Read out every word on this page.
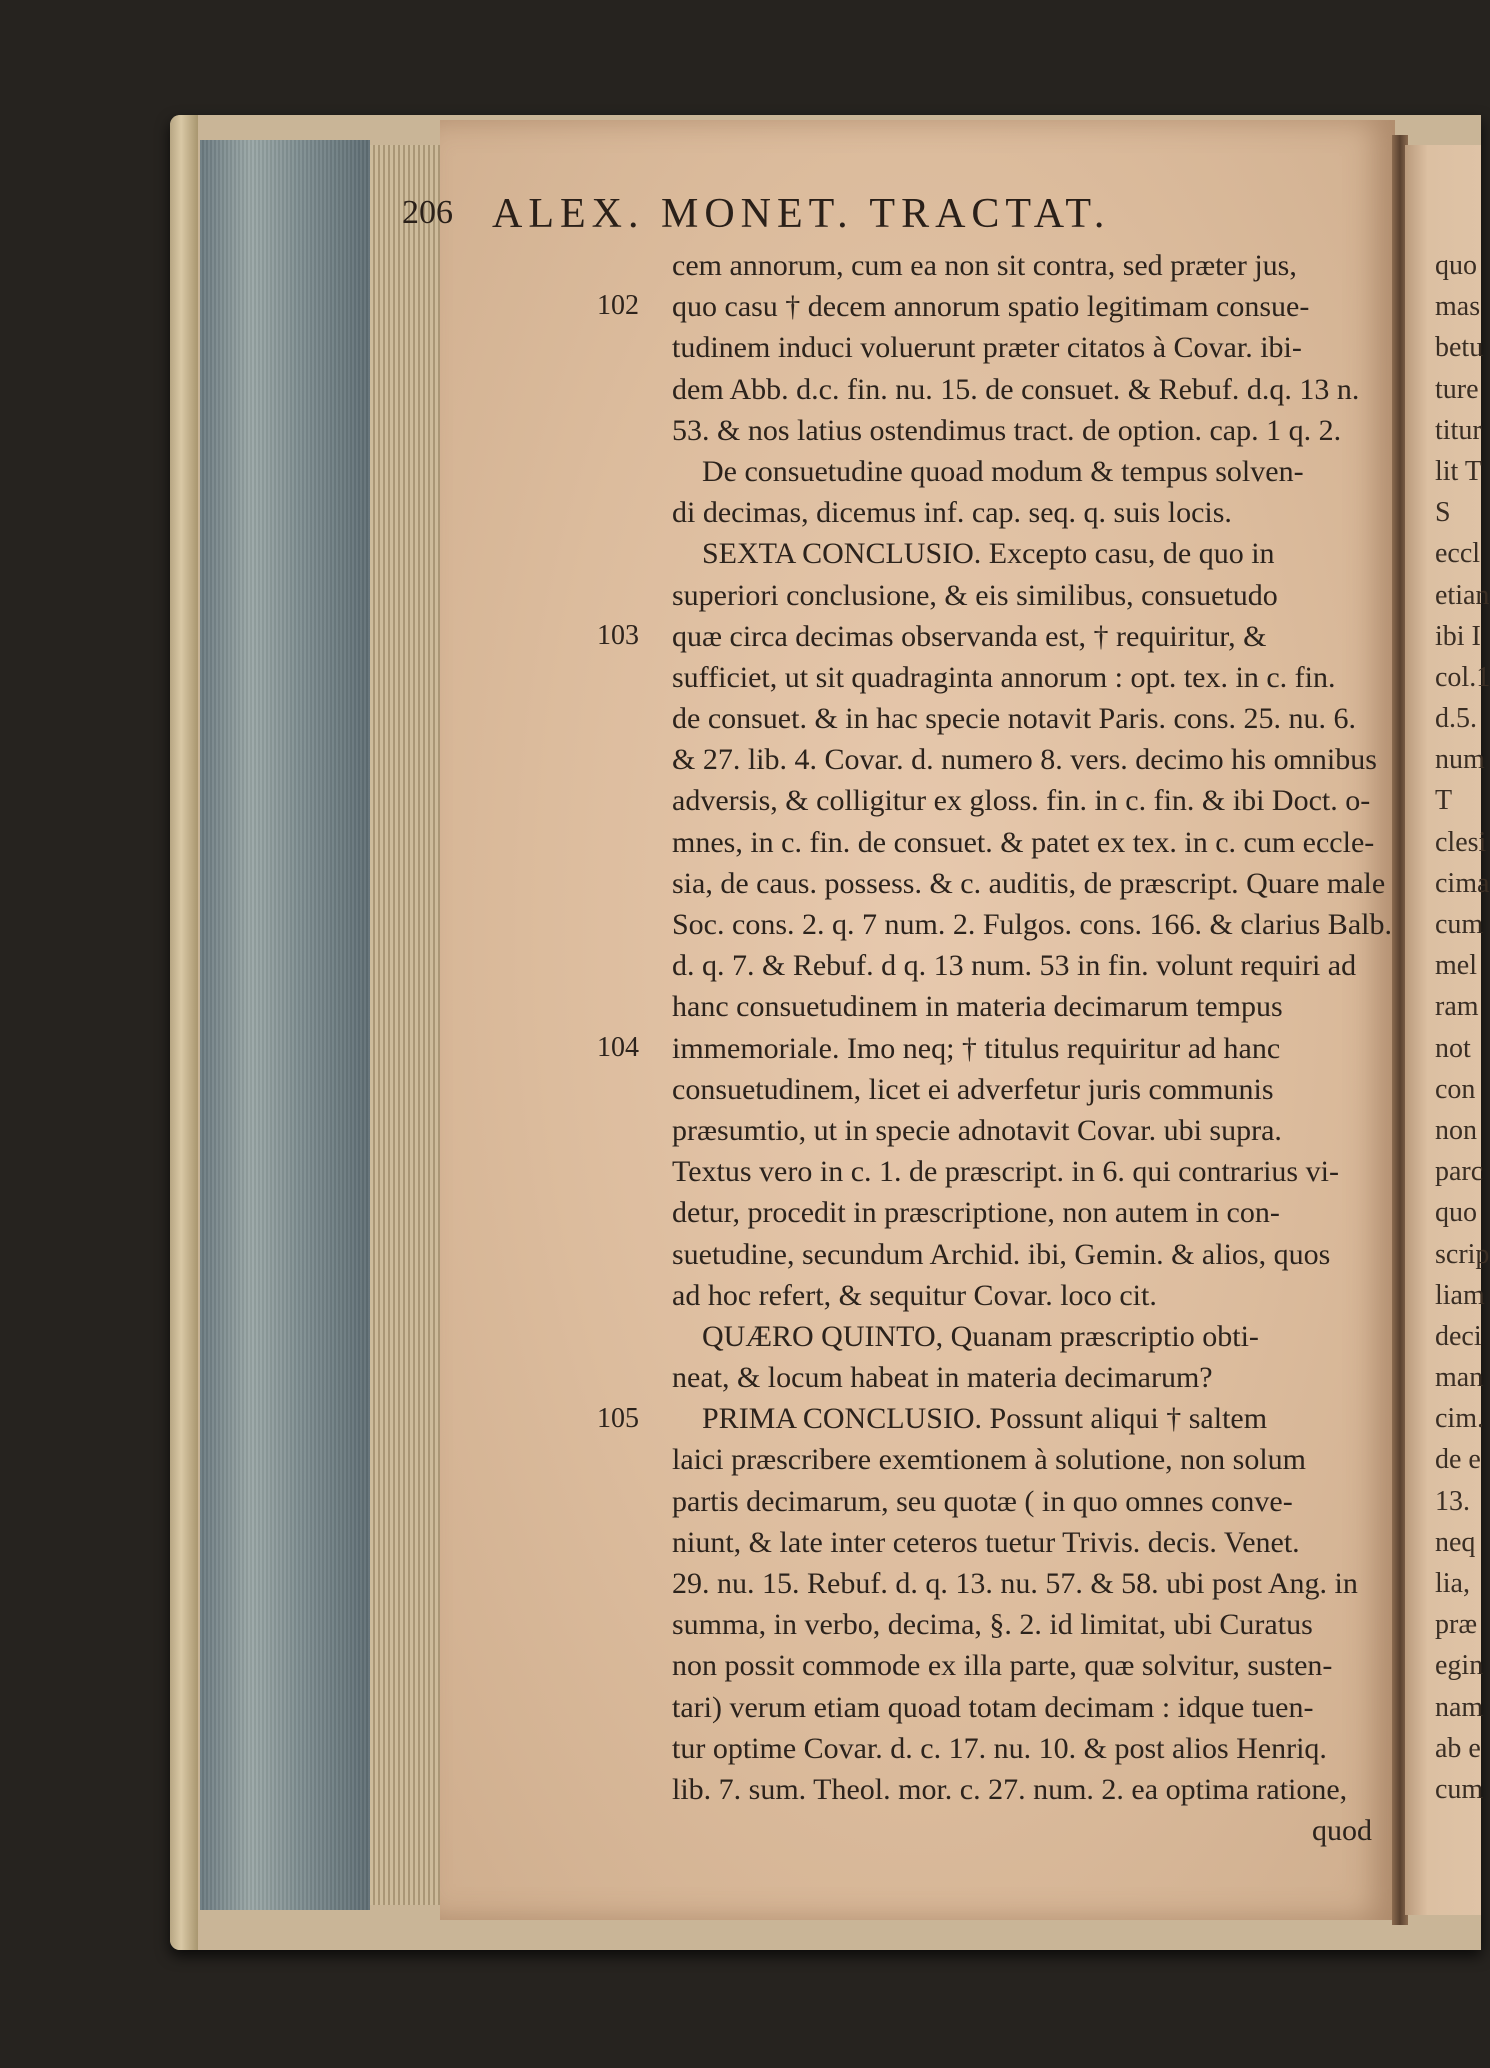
206 ALEX. MONET. TRACTAT.
102
103
104
105
cem annorum, cum ea non sit contra, sed præter jus,
quo casu † decem annorum spatio legitimam consue-
tudinem induci voluerunt præter citatos à Covar. ibi-
dem Abb. d.c. fin. nu. 15. de consuet. & Rebuf. d.q. 13 n.
53. & nos latius ostendimus tract. de option. cap. 1 q. 2.
De consuetudine quoad modum & tempus solven-
di decimas, dicemus inf. cap. seq. q. suis locis.
SEXTA CONCLUSIO. Excepto casu, de quo in
superiori conclusione, & eis similibus, consuetudo
quæ circa decimas observanda est, † requiritur, &
sufficiet, ut sit quadraginta annorum : opt. tex. in c. fin.
de consuet. & in hac specie notavit Paris. cons. 25. nu. 6.
& 27. lib. 4. Covar. d. numero 8. vers. decimo his omnibus
adversis, & colligitur ex gloss. fin. in c. fin. & ibi Doct. o-
mnes, in c. fin. de consuet. & patet ex tex. in c. cum eccle-
sia, de caus. possess. & c. auditis, de præscript. Quare male
Soc. cons. 2. q. 7 num. 2. Fulgos. cons. 166. & clarius Balb.
d. q. 7. & Rebuf. d q. 13 num. 53 in fin. volunt requiri ad
hanc consuetudinem in materia decimarum tempus
immemoriale. Imo neq; † titulus requiritur ad hanc
consuetudinem, licet ei adverfetur juris communis
præsumtio, ut in specie adnotavit Covar. ubi supra.
Textus vero in c. 1. de præscript. in 6. qui contrarius vi-
detur, procedit in præscriptione, non autem in con-
suetudine, secundum Archid. ibi, Gemin. & alios, quos
ad hoc refert, & sequitur Covar. loco cit.
QUÆRO QUINTO, Quanam præscriptio obti-
neat, & locum habeat in materia decimarum?
PRIMA CONCLUSIO. Possunt aliqui † saltem
laici præscribere exemtionem à solutione, non solum
partis decimarum, seu quotæ ( in quo omnes conve-
niunt, & late inter ceteros tuetur Trivis. decis. Venet.
29. nu. 15. Rebuf. d. q. 13. nu. 57. & 58. ubi post Ang. in
summa, in verbo, decima, §. 2. id limitat, ubi Curatus
non possit commode ex illa parte, quæ solvitur, susten-
tari) verum etiam quoad totam decimam : idque tuen-
tur optime Covar. d. c. 17. nu. 10. & post alios Henriq.
lib. 7. sum. Theol. mor. c. 27. num. 2. ea optima ratione,
quod
quo
mas
betu
ture
titur
lit T
S
eccl
etian
ibi I
col.1
d.5.
num
T
clesi
cima
cum
mel
ram
not
con
non
parc
quo
scrip
liam
deci
man
cim.
de e
13.
neq
lia,
præ
egin
nam
ab e
cum
